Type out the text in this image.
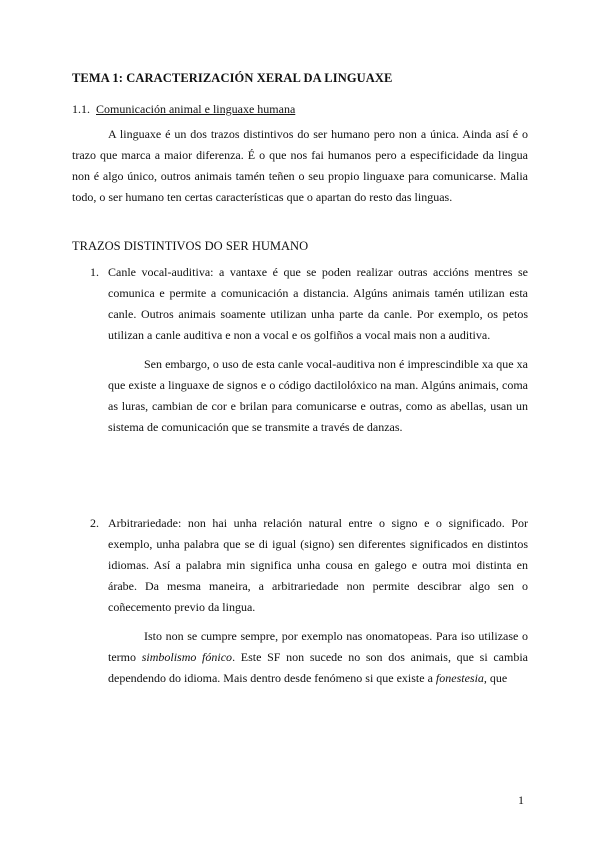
TEMA 1: CARACTERIZACIÓN XERAL DA LINGUAXE
1.1. Comunicación animal e linguaxe humana
A linguaxe é un dos trazos distintivos do ser humano pero non a única. Ainda así é o trazo que marca a maior diferenza. É o que nos fai humanos pero a especificidade da lingua non é algo único, outros animais tamén teñen o seu propio linguaxe para comunicarse. Malia todo, o ser humano ten certas características que o apartan do resto das linguas.
TRAZOS DISTINTIVOS DO SER HUMANO
1. Canle vocal-auditiva: a vantaxe é que se poden realizar outras accións mentres se comunica e permite a comunicación a distancia. Algúns animais tamén utilizan esta canle. Outros animais soamente utilizan unha parte da canle. Por exemplo, os petos utilizan a canle auditiva e non a vocal e os golfiños a vocal mais non a auditiva.

Sen embargo, o uso de esta canle vocal-auditiva non é imprescindible xa que xa que existe a linguaxe de signos e o código dactilolóxico na man. Algúns animais, coma as luras, cambian de cor e brilan para comunicarse e outras, como as abellas, usan un sistema de comunicación que se transmite a través de danzas.

2. Arbitrariedade: non hai unha relación natural entre o signo e o significado. Por exemplo, unha palabra que se di igual (signo) sen diferentes significados en distintos idiomas. Así a palabra min significa unha cousa en galego e outra moi distinta en árabe. Da mesma maneira, a arbitrariedade non permite descibrar algo sen o coñecemento previo da lingua.

Isto non se cumpre sempre, por exemplo nas onomatopeas. Para iso utilizase o termo simbolismo fónico. Este SF non sucede no son dos animais, que si cambia dependendo do idioma. Mais dentro desde fenómeno si que existe a fonestesia, que

1
